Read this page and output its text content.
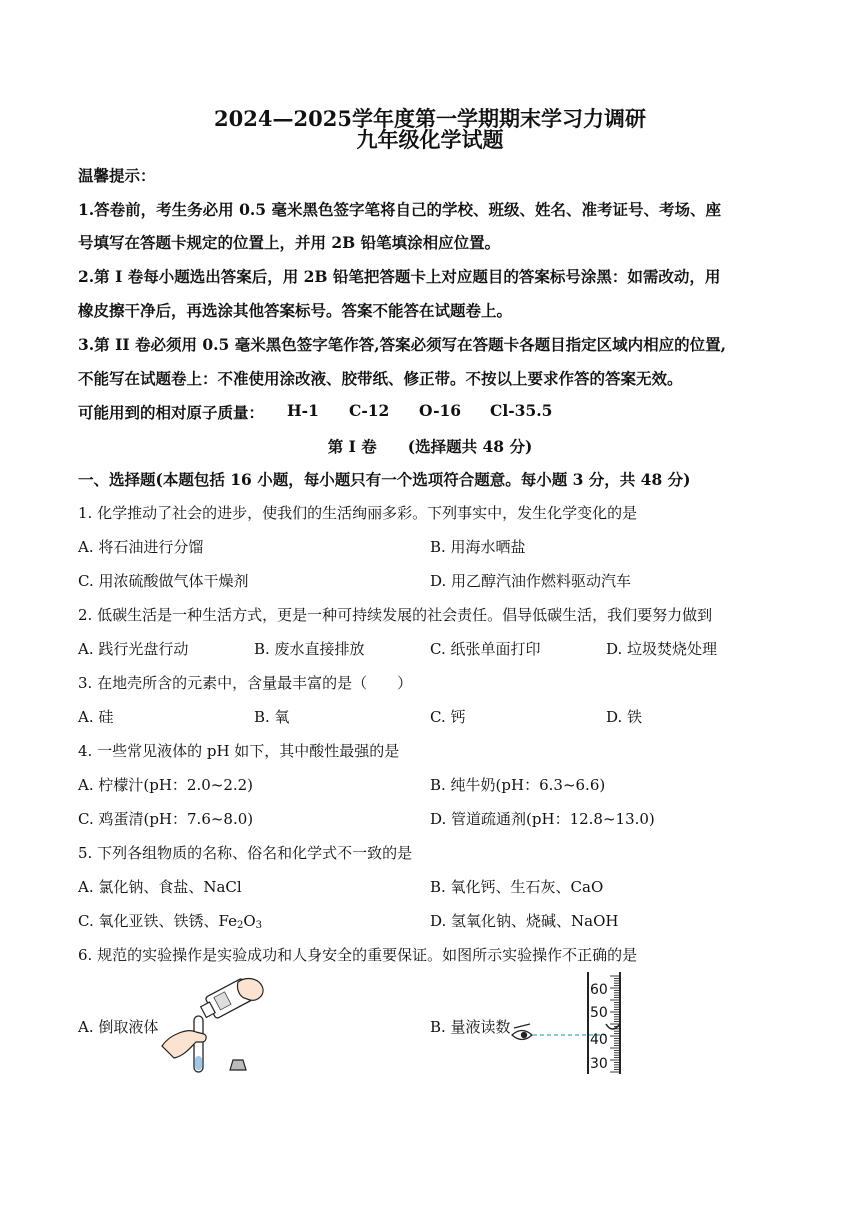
2024—2025学年度第一学期期末学习力调研
九年级化学试题
温馨提示：
1.答卷前，考生务必用 0.5 毫米黑色签字笔将自己的学校、班级、姓名、准考证号、考场、座
号填写在答题卡规定的位置上，并用 2B 铅笔填涂相应位置。
2.第 I 卷每小题选出答案后，用 2B 铅笔把答题卡上对应题目的答案标号涂黑：如需改动，用
橡皮擦干净后，再选涂其他答案标号。答案不能答在试题卷上。
3.第 II 卷必须用 0.5 毫米黑色签字笔作答,答案必须写在答题卡各题目指定区域内相应的位置,
不能写在试题卷上：不准使用涂改液、胶带纸、修正带。不按以上要求作答的答案无效。
可能用到的相对原子质量： H-1 C-12 O-16 Cl-35.5
第 I 卷　　(选择题共 48 分)
一、选择题(本题包括 16 小题，每小题只有一个选项符合题意。每小题 3 分，共 48 分)
1. 化学推动了社会的进步，使我们的生活绚丽多彩。下列事实中，发生化学变化的是
A. 将石油进行分馏	B. 用海水晒盐
C. 用浓硫酸做气体干燥剂	D. 用乙醇汽油作燃料驱动汽车
2. 低碳生活是一种生活方式，更是一种可持续发展的社会责任。倡导低碳生活，我们要努力做到
A. 践行光盘行动	B. 废水直接排放	C. 纸张单面打印	D. 垃圾焚烧处理
3. 在地壳所含的元素中，含量最丰富的是（　　）
A. 硅	B. 氧	C. 钙	D. 铁
4. 一些常见液体的 pH 如下，其中酸性最强的是
A. 柠檬汁(pH：2.0~2.2)	B. 纯牛奶(pH：6.3~6.6)
C. 鸡蛋清(pH：7.6~8.0)	D. 管道疏通剂(pH：12.8~13.0)
5. 下列各组物质的名称、俗名和化学式不一致的是
A. 氯化钠、食盐、NaCl	B. 氧化钙、生石灰、CaO
C. 氧化亚铁、铁锈、$Fe_2O_3$	D. 氢氧化钠、烧碱、NaOH
6. 规范的实验操作是实验成功和人身安全的重要保证。如图所示实验操作不正确的是
A. 倒取液体	B. 量液读数
60
50
40
30
